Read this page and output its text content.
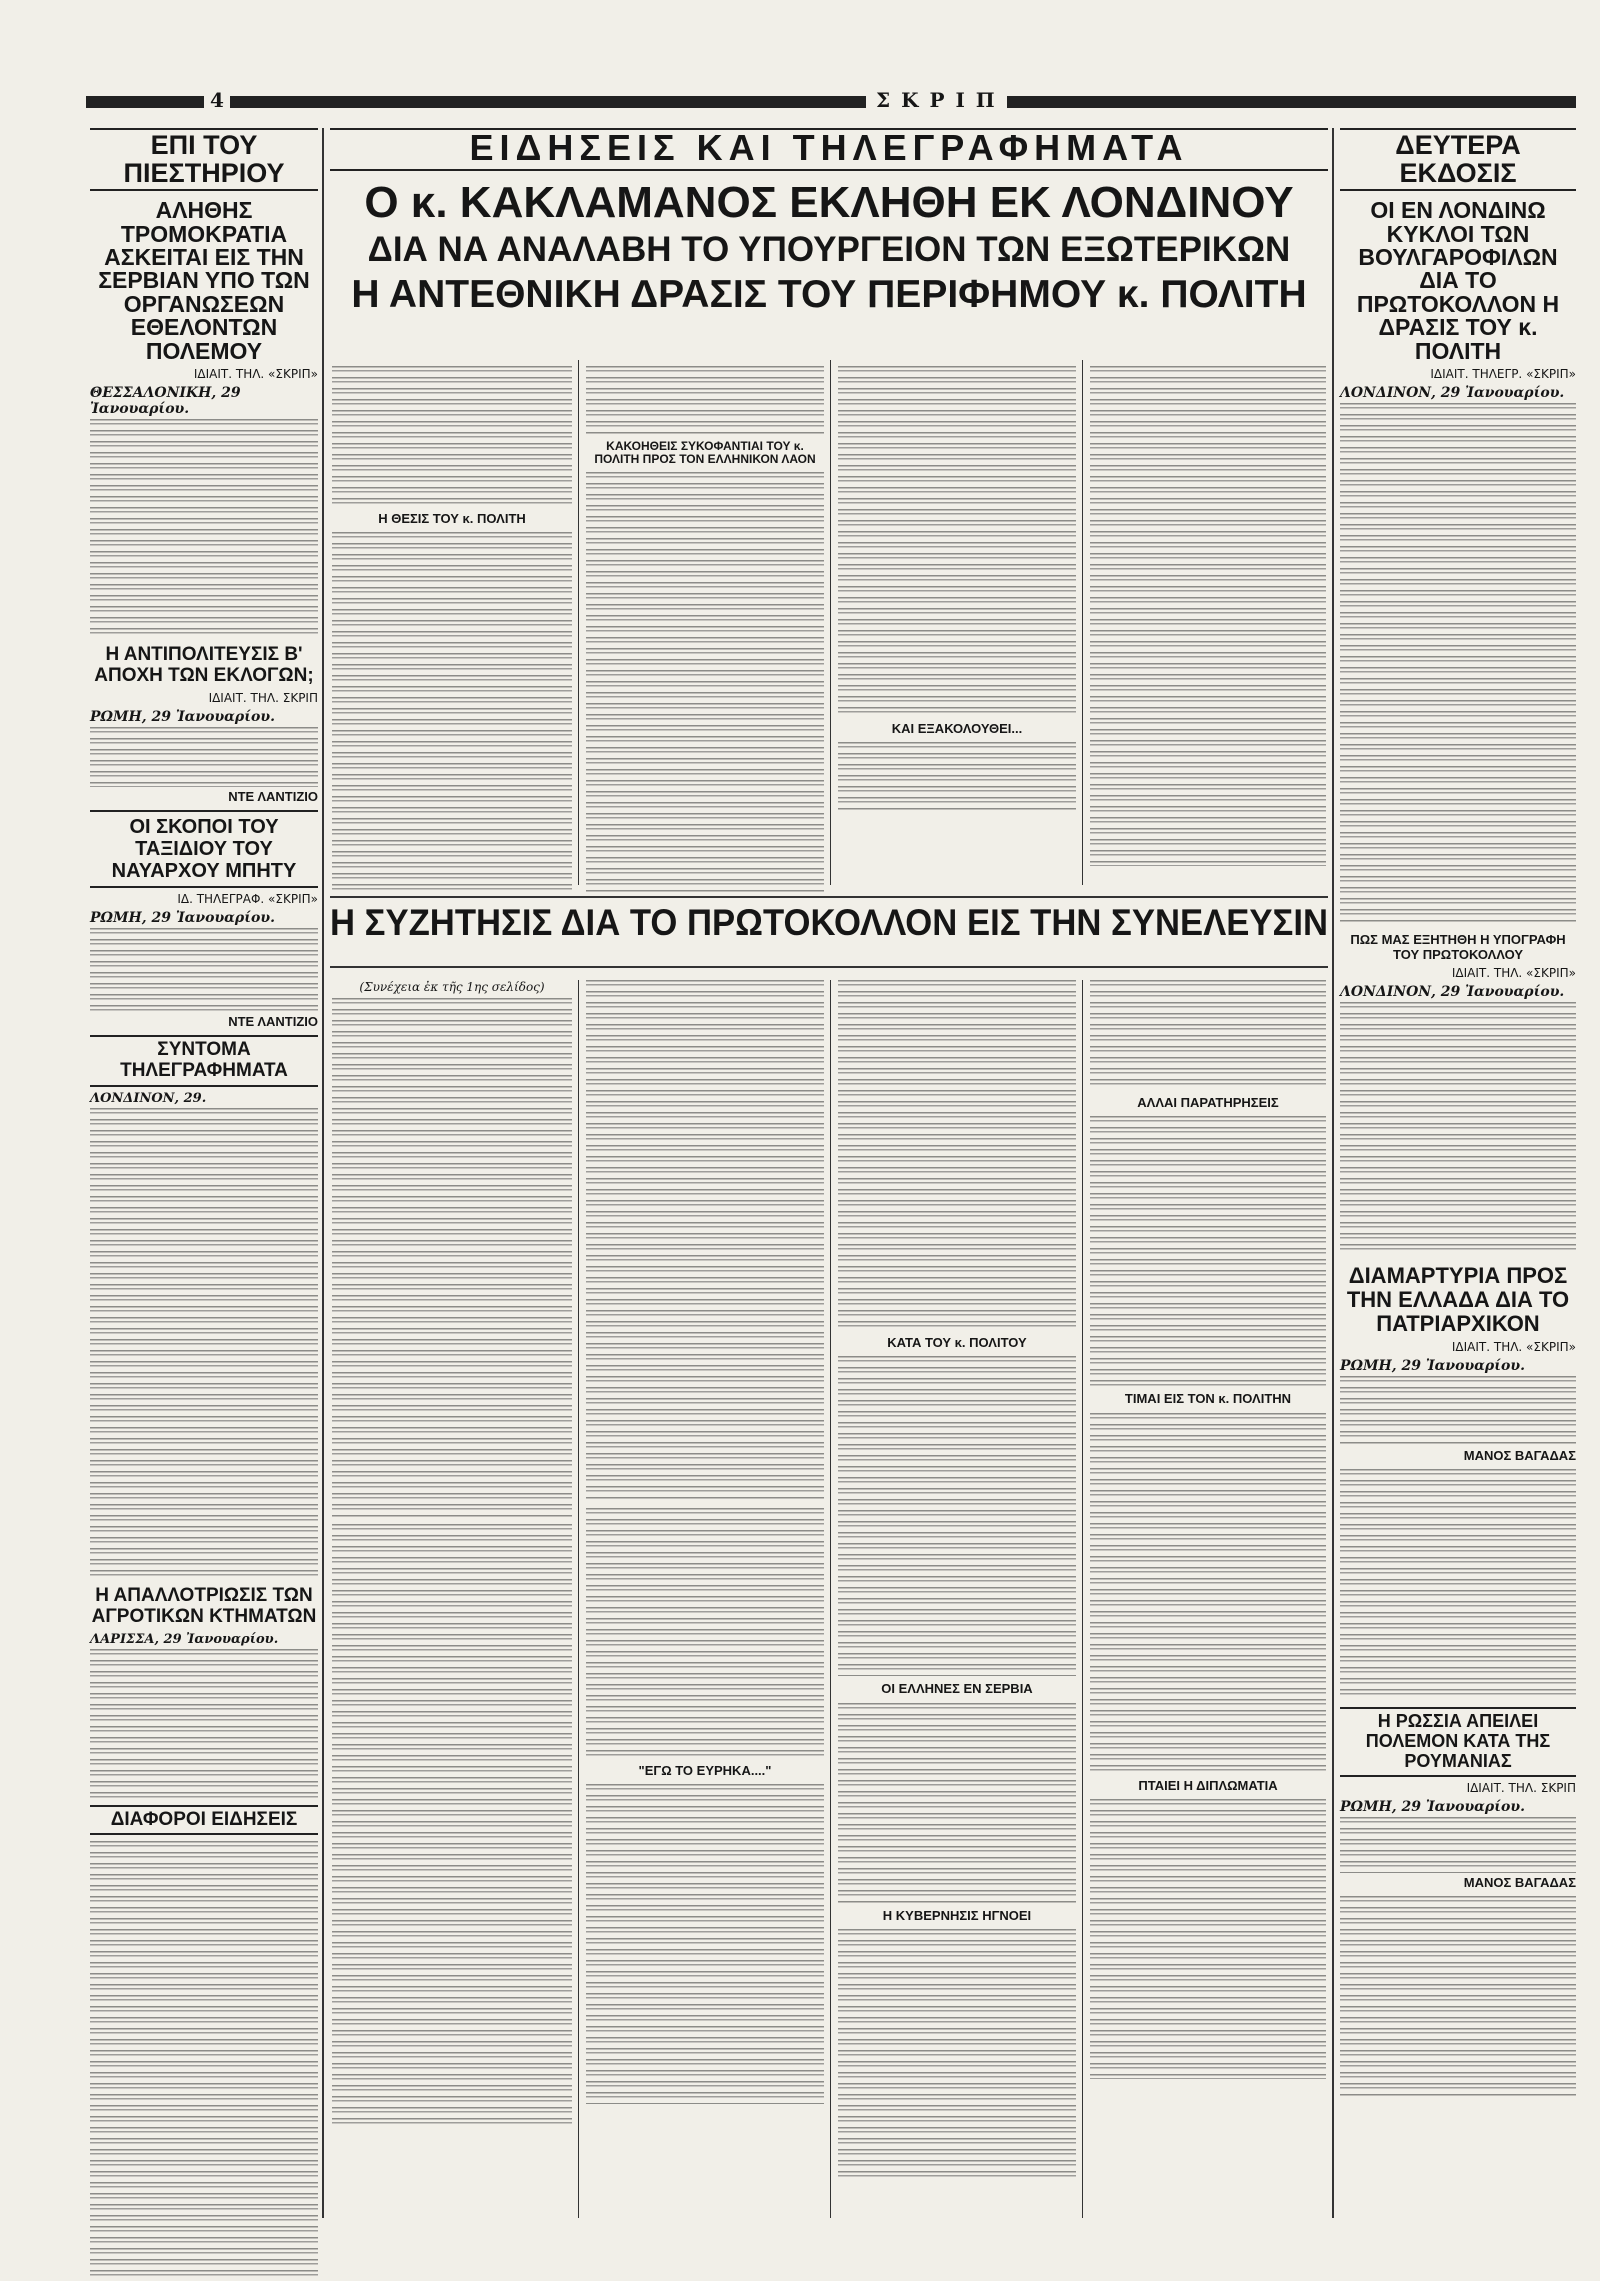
4	Σ Κ Ρ Ι Π
ΕΠΙ ΤΟΥ ΠΙΕΣΤΗΡΙΟΥ
ΑΛΗΘΗΣ ΤΡΟΜΟΚΡΑΤΙΑ ΑΣΚΕΙΤΑΙ ΕΙΣ ΤΗΝ ΣΕΡΒΙΑΝ ΥΠΟ ΤΩΝ ΟΡΓΑΝΩΣΕΩΝ ΕΘΕΛΟΝΤΩΝ ΠΟΛΕΜΟΥ
ΙΔΙΑΙΤ. ΤΗΛ. «ΣΚΡΙΠ»
ΘΕΣΣΑΛΟΝΙΚΗ, 29 Ἰανουαρίου.
Η ΑΝΤΙΠΟΛΙΤΕΥΣΙΣ Β' ΑΠΟΧΗ ΤΩΝ ΕΚΛΟΓΩΝ;
ΙΔΙΑΙΤ. ΤΗΛ. ΣΚΡΙΠ
ΡΩΜΗ, 29 Ἰανουαρίου.
ΝΤΕ ΛΑΝΤΙΖΙΟ
ΟΙ ΣΚΟΠΟΙ ΤΟΥ ΤΑΞΙΔΙΟΥ ΤΟΥ ΝΑΥΑΡΧΟΥ ΜΠΗΤΥ
ΙΔ. ΤΗΛΕΓΡΑΦ. «ΣΚΡΙΠ»
ΡΩΜΗ, 29 Ἰανουαρίου.
ΝΤΕ ΛΑΝΤΙΖΙΟ
ΣΥΝΤΟΜΑ ΤΗΛΕΓΡΑΦΗΜΑΤΑ
ΛΟΝΔΙΝΟΝ, 29.
Η ΑΠΑΛΛΟΤΡΙΩΣΙΣ ΤΩΝ ΑΓΡΟΤΙΚΩΝ ΚΤΗΜΑΤΩΝ
ΛΑΡΙΣΣΑ, 29 Ἰανουαρίου.
ΔΙΑΦΟΡΟΙ ΕΙΔΗΣΕΙΣ
ΕΙΔΗΣΕΙΣ ΚΑΙ ΤΗΛΕΓΡΑΦΗΜΑΤΑ
Ο κ. ΚΑΚΛΑΜΑΝΟΣ ΕΚΛΗΘΗ ΕΚ ΛΟΝΔΙΝΟΥ
ΔΙΑ ΝΑ ΑΝΑΛΑΒΗ ΤΟ ΥΠΟΥΡΓΕΙΟΝ ΤΩΝ ΕΞΩΤΕΡΙΚΩΝ
Η ΑΝΤΕΘΝΙΚΗ ΔΡΑΣΙΣ ΤΟΥ ΠΕΡΙΦΗΜΟΥ κ. ΠΟΛΙΤΗ
Η ΘΕΣΙΣ ΤΟΥ κ. ΠΟΛΙΤΗ
ΚΑΚΟΗΘΕΙΣ ΣΥΚΟΦΑΝΤΙΑΙ ΤΟΥ κ. ΠΟΛΙΤΗ ΠΡΟΣ ΤΟΝ ΕΛΛΗΝΙΚΟΝ ΛΑΟΝ
ΚΑΙ ΕΞΑΚΟΛΟΥΘΕΙ...
Η ΣΥΖΗΤΗΣΙΣ ΔΙΑ ΤΟ ΠΡΩΤΟΚΟΛΛΟΝ ΕΙΣ ΤΗΝ ΣΥΝΕΛΕΥΣΙΝ
(Συνέχεια ἐκ τῆς 1ης σελίδος)
"ΕΓΩ ΤΟ ΕΥΡΗΚΑ...."
ΚΑΤΑ ΤΟΥ κ. ΠΟΛΙΤΟΥ
ΟΙ ΕΛΛΗΝΕΣ ΕΝ ΣΕΡΒΙΑ
Η ΚΥΒΕΡΝΗΣΙΣ ΗΓΝΟΕΙ
ΑΛΛΑΙ ΠΑΡΑΤΗΡΗΣΕΙΣ
ΤΙΜΑΙ ΕΙΣ ΤΟΝ κ. ΠΟΛΙΤΗΝ
ΠΤΑΙΕΙ Η ΔΙΠΛΩΜΑΤΙΑ
ΔΕΥΤΕΡΑ ΕΚΔΟΣΙΣ
ΟΙ ΕΝ ΛΟΝΔΙΝΩ ΚΥΚΛΟΙ ΤΩΝ ΒΟΥΛΓΑΡΟΦΙΛΩΝ ΔΙΑ ΤΟ ΠΡΩΤΟΚΟΛΛΟΝ Η ΔΡΑΣΙΣ ΤΟΥ κ. ΠΟΛΙΤΗ
ΙΔΙΑΙΤ. ΤΗΛΕΓΡ. «ΣΚΡΙΠ»
ΛΟΝΔΙΝΟΝ, 29 Ἰανουαρίου.
ΠΩΣ ΜΑΣ ΕΞΗΤΗΘΗ Η ΥΠΟΓΡΑΦΗ ΤΟΥ ΠΡΩΤΟΚΟΛΛΟΥ
ΙΔΙΑΙΤ. ΤΗΛ. «ΣΚΡΙΠ»
ΛΟΝΔΙΝΟΝ, 29 Ἰανουαρίου.
ΔΙΑΜΑΡΤΥΡΙΑ ΠΡΟΣ ΤΗΝ ΕΛΛΑΔΑ ΔΙΑ ΤΟ ΠΑΤΡΙΑΡΧΙΚΟΝ
ΙΔΙΑΙΤ. ΤΗΛ. «ΣΚΡΙΠ»
ΡΩΜΗ, 29 Ἰανουαρίου.
ΜΑΝΟΣ ΒΑΓΑΔΑΣ
Η ΡΩΣΣΙΑ ΑΠΕΙΛΕΙ ΠΟΛΕΜΟΝ ΚΑΤΑ ΤΗΣ ΡΟΥΜΑΝΙΑΣ
ΙΔΙΑΙΤ. ΤΗΛ. ΣΚΡΙΠ
ΡΩΜΗ, 29 Ἰανουαρίου.
ΜΑΝΟΣ ΒΑΓΑΔΑΣ
